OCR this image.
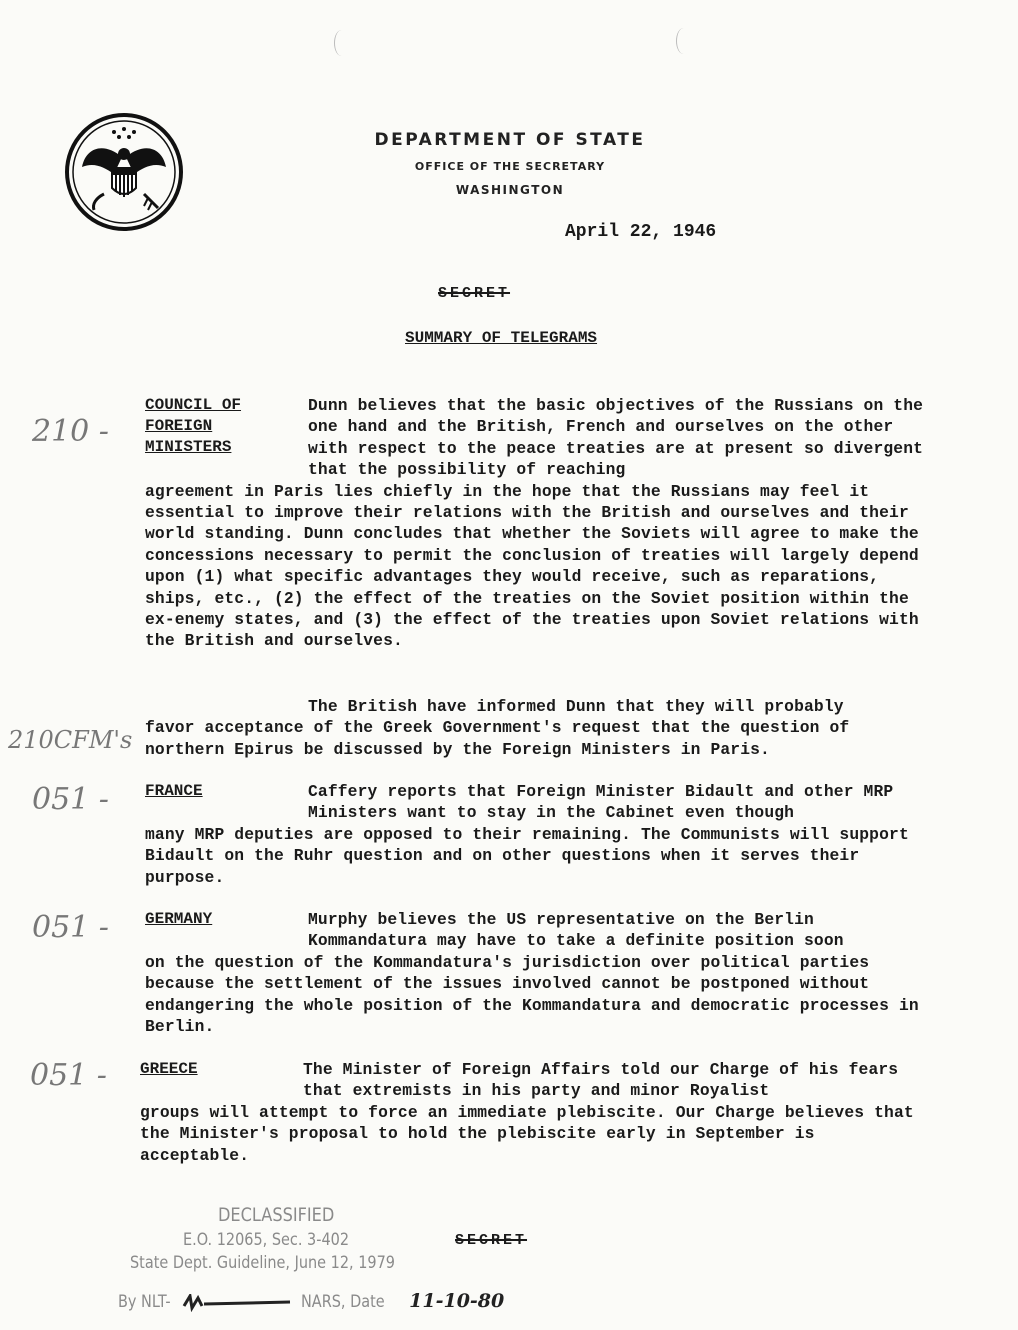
DEPARTMENT OF STATE
OFFICE OF THE SECRETARY
WASHINGTON
April 22, 1946
SECRET
SUMMARY OF TELEGRAMS
210 -
COUNCIL OF
FOREIGN
MINISTERS
Dunn believes that the basic objectives of the Russians on the one hand and the British, French and ourselves on the other with respect to the peace treaties are at present so divergent that the possibility of reaching
agreement in Paris lies chiefly in the hope that the Russians may feel it essential to improve their relations with the British and ourselves and their world standing. Dunn concludes that whether the Soviets will agree to make the concessions necessary to permit the conclusion of treaties will largely depend upon (1) what specific advantages they would receive, such as reparations, ships, etc., (2) the effect of the treaties on the Soviet position within the ex-enemy states, and (3) the effect of the treaties upon Soviet relations with the British and ourselves.
210CFM's
The British have informed Dunn that they will probably
favor acceptance of the Greek Government's request that the question of northern Epirus be discussed by the Foreign Ministers in Paris.
051 - FRANCE	Caffery reports that Foreign Minister Bidault and other MRP Ministers want to stay in the Cabinet even though
many MRP deputies are opposed to their remaining. The Communists will support Bidault on the Ruhr question and on other questions when it serves their purpose.
051 - GERMANY	Murphy believes the US representative on the Berlin Kommandatura may have to take a definite position soon
on the question of the Kommandatura's jurisdiction over political parties because the settlement of the issues involved cannot be postponed without endangering the whole position of the Kommandatura and democratic processes in Berlin.
051 - GREECE	The Minister of Foreign Affairs told our Charge of his fears that extremists in his party and minor Royalist
groups will attempt to force an immediate plebiscite. Our Charge believes that the Minister's proposal to hold the plebiscite early in September is acceptable.
DECLASSIFIED
E.O. 12065, Sec. 3-402
State Dept. Guideline, June 12, 1979
By NLT-	NARS, Date 11-10-80
SECRET
